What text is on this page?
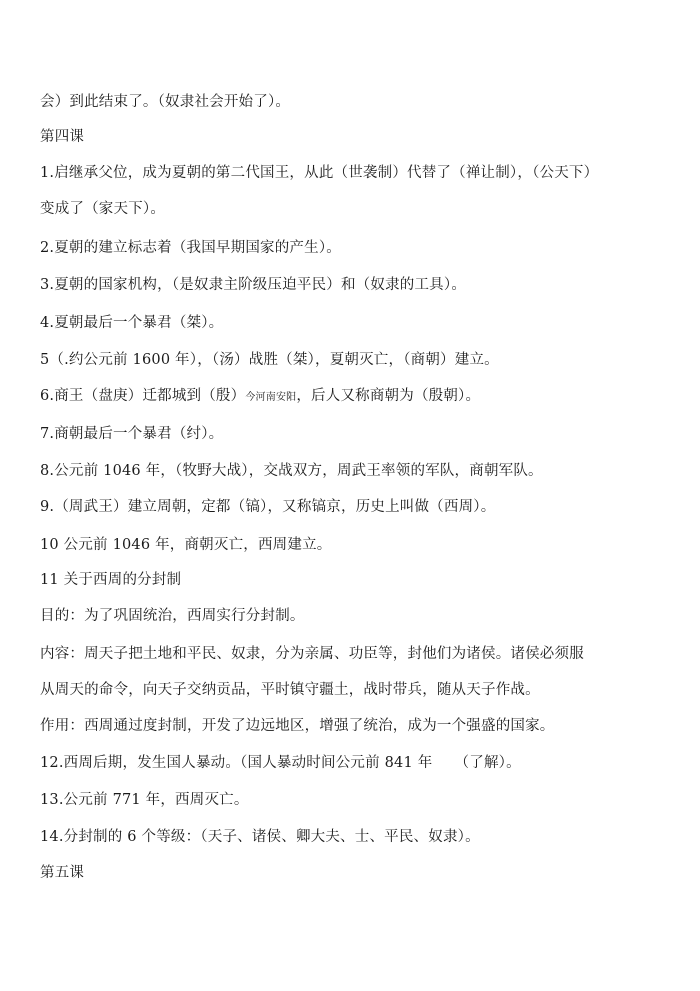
会）到此结束了。（奴隶社会开始了）。
第四课
1.启继承父位，成为夏朝的第二代国王，从此（世袭制）代替了（禅让制），（公天下）
变成了（家天下）。
2.夏朝的建立标志着（我国早期国家的产生）。
3.夏朝的国家机构，（是奴隶主阶级压迫平民）和（奴隶的工具）。
4.夏朝最后一个暴君（桀）。
5（.约公元前 1600 年），（汤）战胜（桀），夏朝灭亡，（商朝）建立。
6.商王（盘庚）迁都城到（殷）今河南安阳，后人又称商朝为（殷朝）。
7.商朝最后一个暴君（纣）。
8.公元前 1046 年，（牧野大战），交战双方，周武王率领的军队，商朝军队。
9.（周武王）建立周朝，定都（镐），又称镐京，历史上叫做（西周）。
10 公元前 1046 年，商朝灭亡，西周建立。
11 关于西周的分封制
目的：为了巩固统治，西周实行分封制。
内容：周天子把土地和平民、奴隶，分为亲属、功臣等，封他们为诸侯。诸侯必须服
从周天的命令，向天子交纳贡品，平时镇守疆土，战时带兵，随从天子作战。
作用：西周通过度封制，开发了边远地区，增强了统治，成为一个强盛的国家。
12.西周后期，发生国人暴动。（国人暴动时间公元前 841 年　　（了解）。
13.公元前 771 年，西周灭亡。
14.分封制的 6 个等级：（天子、诸侯、卿大夫、士、平民、奴隶）。
第五课
